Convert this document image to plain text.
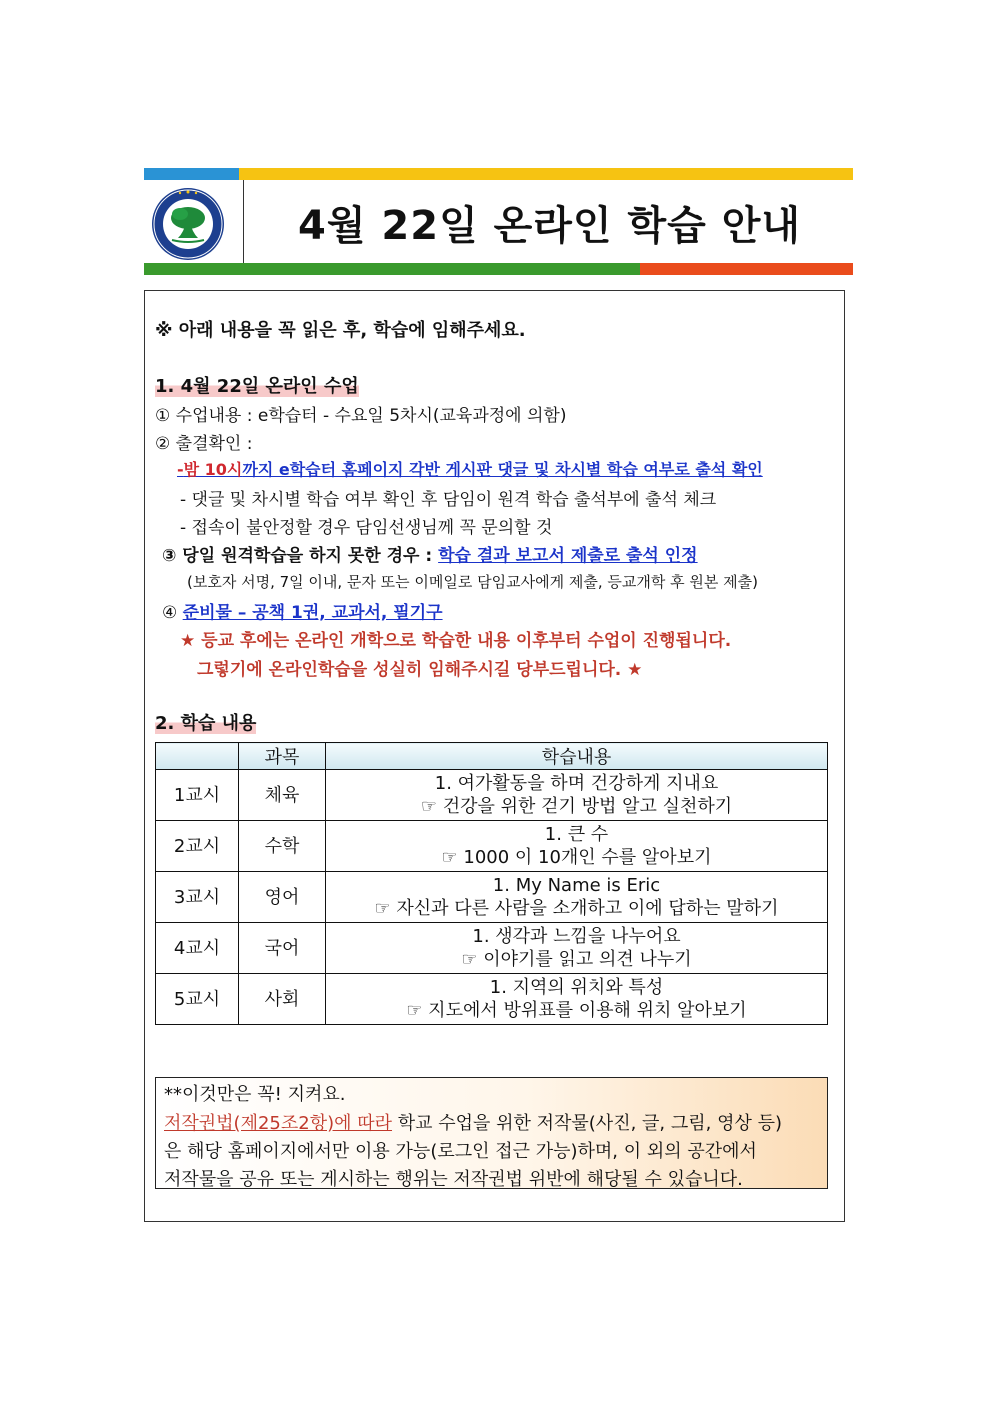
4월 22일 온라인 학습 안내
※ 아래 내용을 꼭 읽은 후, 학습에 임해주세요.
1. 4월 22일 온라인 수업
① 수업내용 : e학습터 - 수요일 5차시(교육과정에 의함)
② 출결확인 :
-밤 10시까지 e학습터 홈페이지 각반 게시판 댓글 및 차시별 학습 여부로 출석 확인
- 댓글 및 차시별 학습 여부 확인 후 담임이 원격 학습 출석부에 출석 체크
- 접속이 불안정할 경우 담임선생님께 꼭 문의할 것
③ 당일 원격학습을 하지 못한 경우 : 학습 결과 보고서 제출로 출석 인정
(보호자 서명, 7일 이내, 문자 또는 이메일로 담임교사에게 제출, 등교개학 후 원본 제출)
④ 준비물 – 공책 1권, 교과서, 필기구
★ 등교 후에는 온라인 개학으로 학습한 내용 이후부터 수업이 진행됩니다.
그렇기에 온라인학습을 성실히 임해주시길 당부드립니다. ★
2. 학습 내용
	과목	학습내용
1교시	체육	1. 여가활동을 하며 건강하게 지내요
☞ 건강을 위한 걷기 방법 알고 실천하기

2교시	수학	1. 큰 수
☞ 1000 이 10개인 수를 알아보기

3교시	영어	1. My Name is Eric
☞ 자신과 다른 사람을 소개하고 이에 답하는 말하기

4교시	국어	1. 생각과 느낌을 나누어요
☞ 이야기를 읽고 의견 나누기

5교시	사회	1. 지역의 위치와 특성
☞ 지도에서 방위표를 이용해 위치 알아보기
**이것만은 꼭! 지켜요.
저작권법(제25조2항)에 따라 학교 수업을 위한 저작물(사진, 글, 그림, 영상 등)
은 해당 홈페이지에서만 이용 가능(로그인 접근 가능)하며, 이 외의 공간에서
저작물을 공유 또는 게시하는 행위는 저작권법 위반에 해당될 수 있습니다.
